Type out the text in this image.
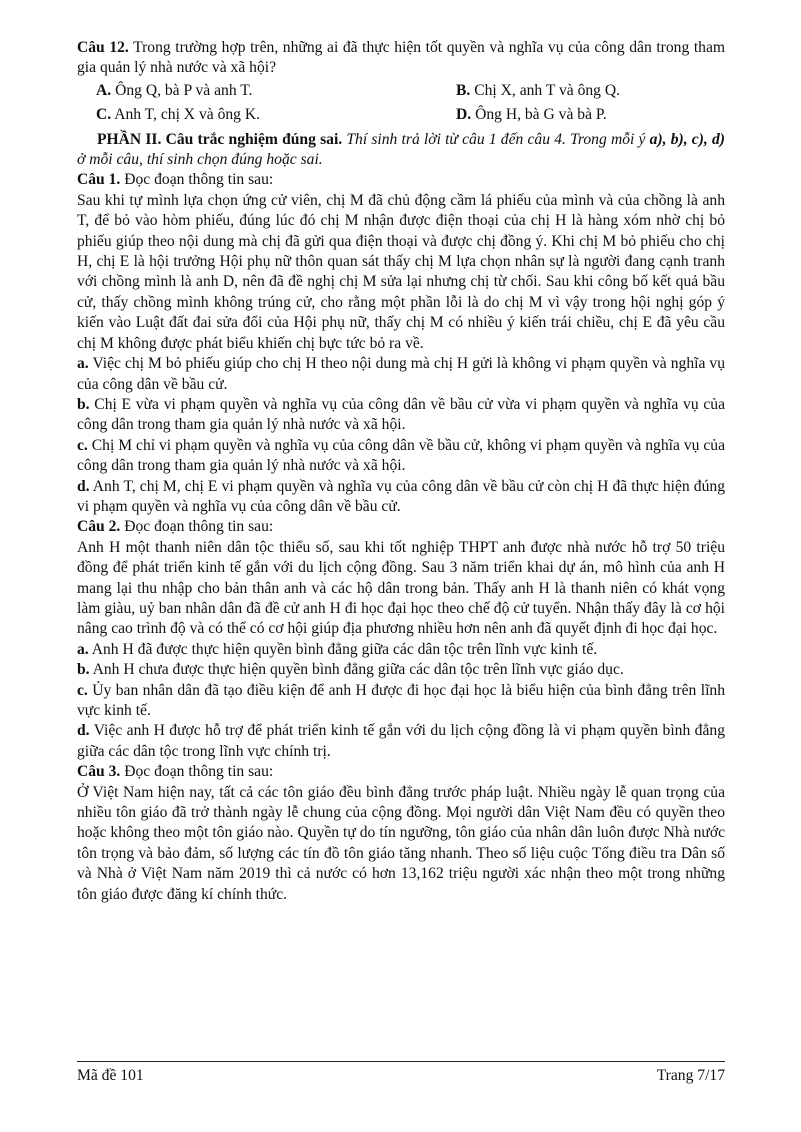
Câu 12. Trong trường hợp trên, những ai đã thực hiện tốt quyền và nghĩa vụ của công dân trong tham gia quản lý nhà nước và xã hội?
A. Ông Q, bà P và anh T.	B. Chị X, anh T và ông Q.
C. Anh T, chị X và ông K.	D. Ông H, bà G và bà P.
PHẦN II. Câu trắc nghiệm đúng sai. Thí sinh trả lời từ câu 1 đến câu 4. Trong mỗi ý a), b), c), d) ở mỗi câu, thí sinh chọn đúng hoặc sai.
Câu 1. Đọc đoạn thông tin sau:
Sau khi tự mình lựa chọn ứng cử viên, chị M đã chủ động cầm lá phiếu của mình và của chồng là anh T, để bỏ vào hòm phiếu, đúng lúc đó chị M nhận được điện thoại của chị H là hàng xóm nhờ chị bỏ phiếu giúp theo nội dung mà chị đã gửi qua điện thoại và được chị đồng ý. Khi chị M bỏ phiếu cho chị H, chị E là hội trưởng Hội phụ nữ thôn quan sát thấy chị M lựa chọn nhân sự là người đang cạnh tranh với chồng mình là anh D, nên đã đề nghị chị M sửa lại nhưng chị từ chối. Sau khi công bố kết quả bầu cử, thấy chồng mình không trúng cử, cho rằng một phần lỗi là do chị M vì vậy trong hội nghị góp ý kiến vào Luật đất đai sửa đổi của Hội phụ nữ, thấy chị M có nhiều ý kiến trái chiều, chị E đã yêu cầu chị M không được phát biểu khiến chị bực tức bỏ ra về.
a. Việc chị M bỏ phiếu giúp cho chị H theo nội dung mà chị H gửi là không vi phạm quyền và nghĩa vụ của công dân về bầu cử.
b. Chị E vừa vi phạm quyền và nghĩa vụ của công dân về bầu cử vừa vi phạm quyền và nghĩa vụ của công dân trong tham gia quản lý nhà nước và xã hội.
c. Chị M chỉ vi phạm quyền và nghĩa vụ của công dân về bầu cử, không vi phạm quyền và nghĩa vụ của công dân trong tham gia quản lý nhà nước và xã hội.
d. Anh T, chị M, chị E vi phạm quyền và nghĩa vụ của công dân về bầu cử còn chị H đã thực hiện đúng vi phạm quyền và nghĩa vụ của công dân về bầu cử.
Câu 2. Đọc đoạn thông tin sau:
Anh H một thanh niên dân tộc thiểu số, sau khi tốt nghiệp THPT anh được nhà nước hỗ trợ 50 triệu đồng để phát triển kinh tế gắn với du lịch cộng đồng. Sau 3 năm triển khai dự án, mô hình của anh H mang lại thu nhập cho bản thân anh và các hộ dân trong bản. Thấy anh H là thanh niên có khát vọng làm giàu, uỷ ban nhân dân đã đề cử anh H đi học đại học theo chế độ cử tuyển. Nhận thấy đây là cơ hội nâng cao trình độ và có thể có cơ hội giúp địa phương nhiều hơn nên anh đã quyết định đi học đại học.
a. Anh H đã được thực hiện quyền bình đẳng giữa các dân tộc trên lĩnh vực kinh tế.
b. Anh H chưa được thực hiện quyền bình đẳng giữa các dân tộc trên lĩnh vực giáo dục.
c. Ủy ban nhân dân đã tạo điều kiện để anh H được đi học đại học là biểu hiện của bình đẳng trên lĩnh vực kinh tế.
d. Việc anh H được hỗ trợ để phát triển kinh tế gắn với du lịch cộng đồng là vi phạm quyền bình đẳng giữa các dân tộc trong lĩnh vực chính trị.
Câu 3. Đọc đoạn thông tin sau:
Ở Việt Nam hiện nay, tất cả các tôn giáo đều bình đẳng trước pháp luật. Nhiều ngày lễ quan trọng của nhiều tôn giáo đã trở thành ngày lễ chung của cộng đồng. Mọi người dân Việt Nam đều có quyền theo hoặc không theo một tôn giáo nào. Quyền tự do tín ngưỡng, tôn giáo của nhân dân luôn được Nhà nước tôn trọng và bảo đảm, số lượng các tín đồ tôn giáo tăng nhanh. Theo số liệu cuộc Tổng điều tra Dân số và Nhà ở Việt Nam năm 2019 thì cả nước có hơn 13,162 triệu người xác nhận theo một trong những tôn giáo được đăng kí chính thức.
Mã đề 101	Trang 7/17
